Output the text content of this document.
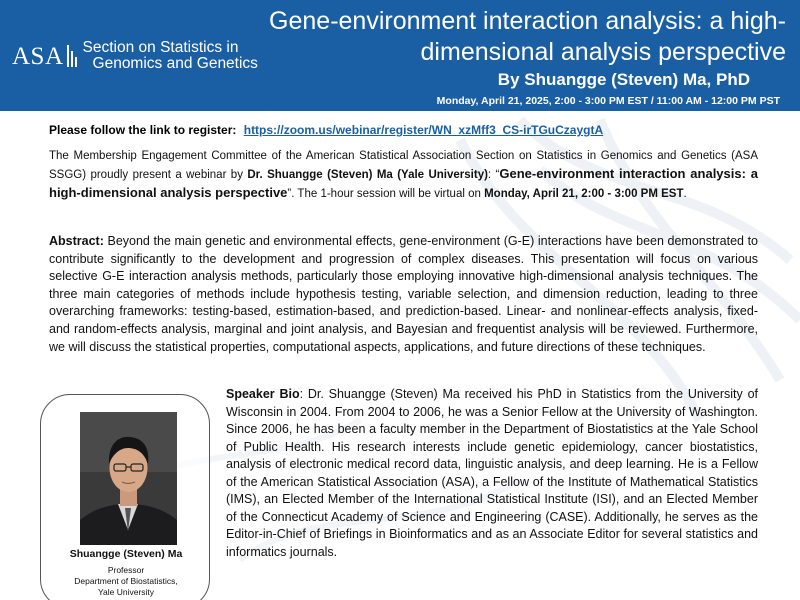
ASA Section on Statistics in
Genomics and Genetics
Gene-environment interaction analysis: a high-dimensional analysis perspective
By Shuangge (Steven) Ma, PhD
Monday, April 21, 2025, 2:00 - 3:00 PM EST / 11:00 AM - 12:00 PM PST

Please follow the link to register: https://zoom.us/webinar/register/WN_xzMff3_CS-irTGuCzaygtA

The Membership Engagement Committee of the American Statistical Association Section on Statistics in Genomics and Genetics (ASA SSGG) proudly present a webinar by Dr. Shuangge (Steven) Ma (Yale University): “Gene-environment interaction analysis: a high-dimensional analysis perspective”. The 1-hour session will be virtual on Monday, April 21, 2:00 - 3:00 PM EST.

Abstract: Beyond the main genetic and environmental effects, gene-environment (G-E) interactions have been demonstrated to contribute significantly to the development and progression of complex diseases. This presentation will focus on various selective G-E interaction analysis methods, particularly those employing innovative high-dimensional analysis techniques. The three main categories of methods include hypothesis testing, variable selection, and dimension reduction, leading to three overarching frameworks: testing-based, estimation-based, and prediction-based. Linear- and nonlinear-effects analysis, fixed- and random-effects analysis, marginal and joint analysis, and Bayesian and frequentist analysis will be reviewed. Furthermore, we will discuss the statistical properties, computational aspects, applications, and future directions of these techniques.

Shuangge (Steven) Ma
Professor
Department of Biostatistics,
Yale University

Speaker Bio: Dr. Shuangge (Steven) Ma received his PhD in Statistics from the University of Wisconsin in 2004. From 2004 to 2006, he was a Senior Fellow at the University of Washington. Since 2006, he has been a faculty member in the Department of Biostatistics at the Yale School of Public Health. His research interests include genetic epidemiology, cancer biostatistics, analysis of electronic medical record data, linguistic analysis, and deep learning. He is a Fellow of the American Statistical Association (ASA), a Fellow of the Institute of Mathematical Statistics (IMS), an Elected Member of the International Statistical Institute (ISI), and an Elected Member of the Connecticut Academy of Science and Engineering (CASE). Additionally, he serves as the Editor-in-Chief of Briefings in Bioinformatics and as an Associate Editor for several statistics and informatics journals.
